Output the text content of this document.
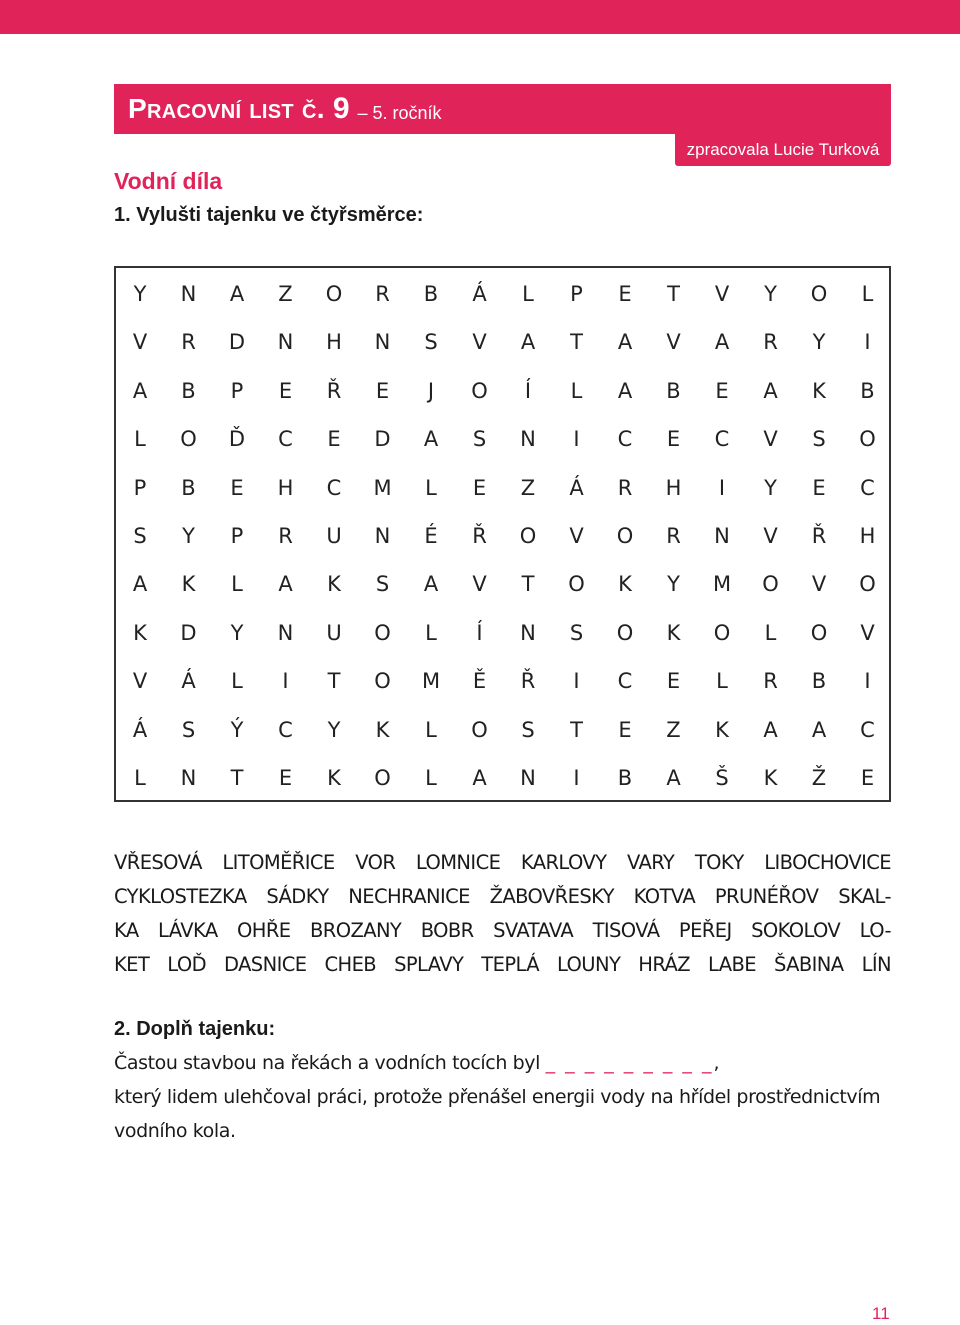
Pracovní list č. 9 – 5. ročník
zpracovala Lucie Turková
Vodní díla
1. Vylušti tajenku ve čtyřsměrce:
Y	N	A	Z	O	R	B	Á	L	P	E	T	V	Y	O	L
V	R	D	N	H	N	S	V	A	T	A	V	A	R	Y	I
A	B	P	E	Ř	E	J	O	Í	L	A	B	E	A	K	B
L	O	Ď	C	E	D	A	S	N	I	C	E	C	V	S	O
P	B	E	H	C	M	L	E	Z	Á	R	H	I	Y	E	C
S	Y	P	R	U	N	É	Ř	O	V	O	R	N	V	Ř	H
A	K	L	A	K	S	A	V	T	O	K	Y	M	O	V	O
K	D	Y	N	U	O	L	Í	N	S	O	K	O	L	O	V
V	Á	L	I	T	O	M	Ě	Ř	I	C	E	L	R	B	I
Á	S	Ý	C	Y	K	L	O	S	T	E	Z	K	A	A	C
L	N	T	E	K	O	L	A	N	I	B	A	Š	K	Ž	E
VŘESOVÁ LITOMĚŘICE VOR LOMNICE KARLOVY VARY TOKY LIBOCHOVICE
CYKLOSTEZKA SÁDKY NECHRANICE ŽABOVŘESKY KOTVA PRUNÉŘOV SKAL-
KA LÁVKA OHŘE BROZANY BOBR SVATAVA TISOVÁ PEŘEJ SOKOLOV LO-
KET LOĎ DASNICE CHEB SPLAVY TEPLÁ LOUNY HRÁZ LABE ŠABINA LÍN
2. Doplň tajenku:
Častou stavbou na řekách a vodních tocích byl _ _ _ _ _ _ _ _ _,
který lidem ulehčoval práci, protože přenášel energii vody na hřídel prostřednictvím
vodního kola.
11
